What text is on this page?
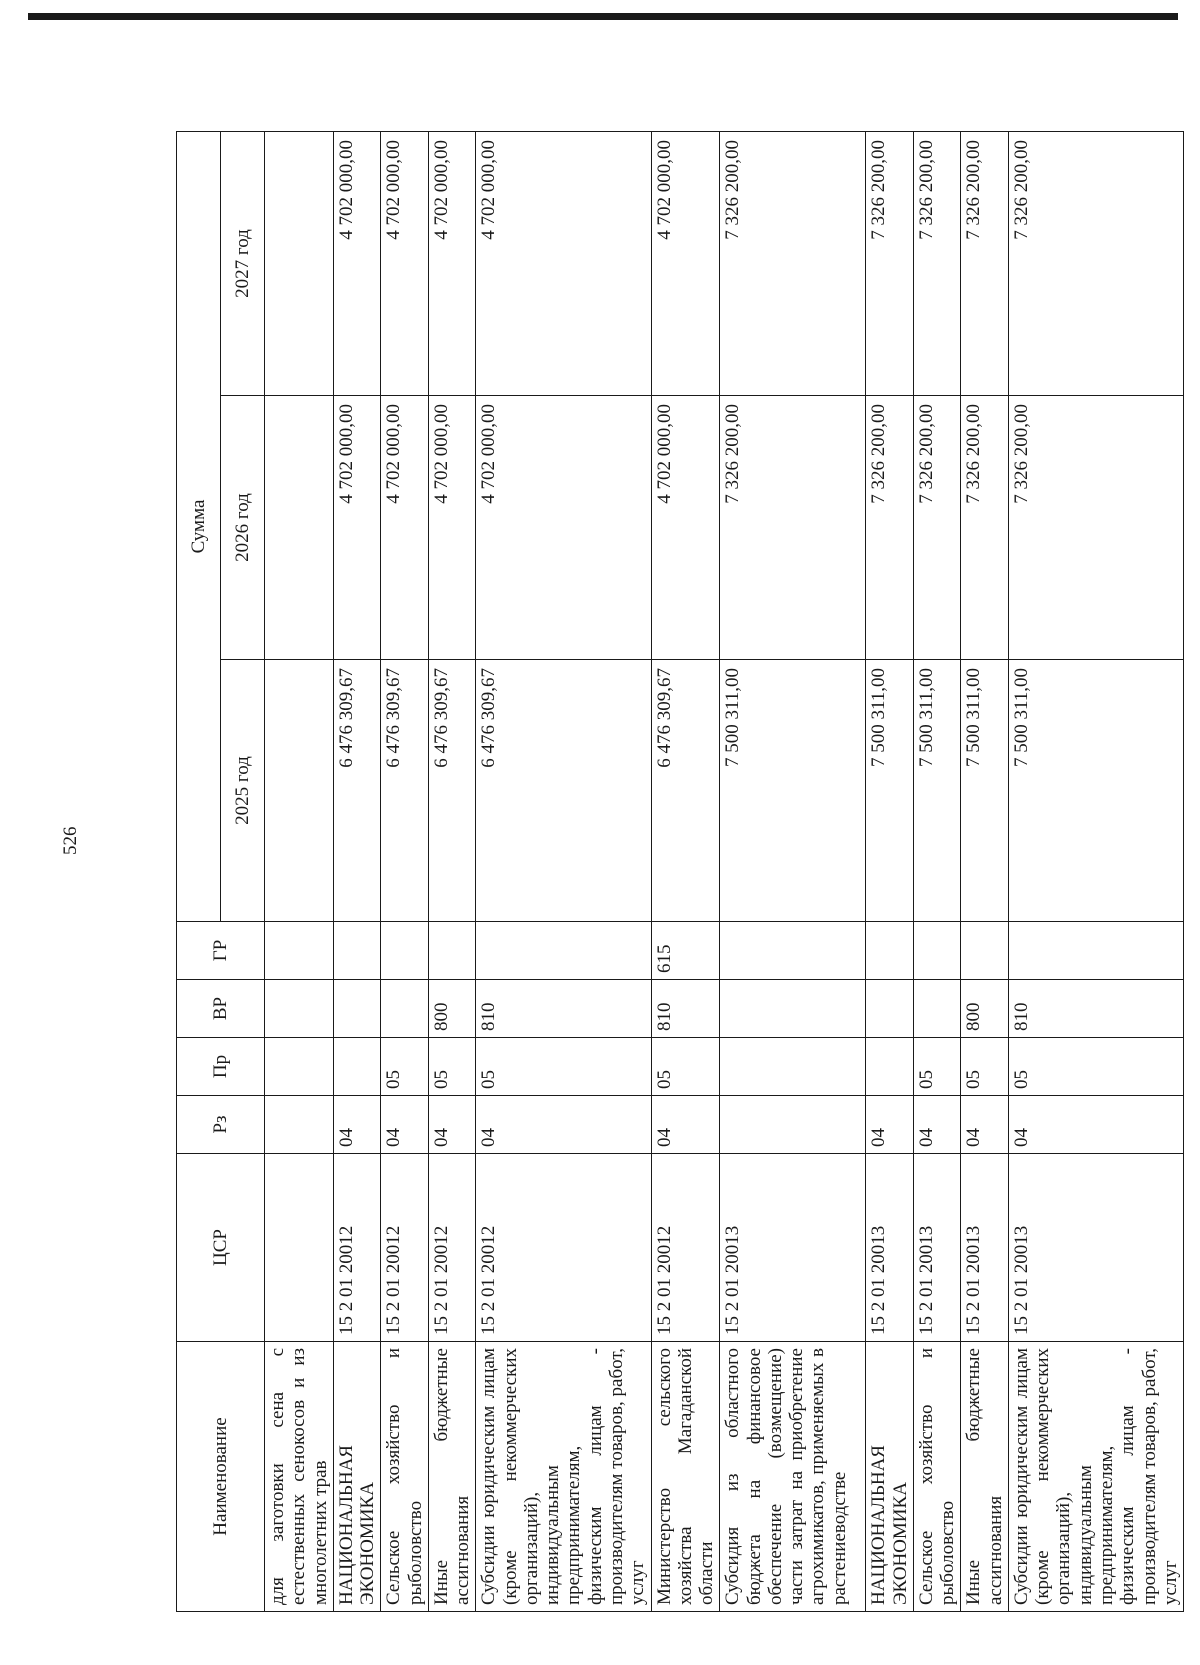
526
Наименование	ЦСР	Рз	Пр	ВР	ГР	Сумма		
						2025 год	2026 год	2027 год
для заготовки сена с естественных сенокосов и из многолетних трав								
НАЦИОНАЛЬНАЯ ЭКОНОМИКА	15 2 01 20012	04				6 476 309,67	4 702 000,00	4 702 000,00
Сельское хозяйство и рыболовство	15 2 01 20012	04	05			6 476 309,67	4 702 000,00	4 702 000,00
Иные бюджетные ассигнования	15 2 01 20012	04	05	800		6 476 309,67	4 702 000,00	4 702 000,00
Субсидии юридическим лицам (кроме некоммерческих организаций), индивидуальным предпринимателям, физическим лицам - производителям товаров, работ, услуг	15 2 01 20012	04	05	810		6 476 309,67	4 702 000,00	4 702 000,00
Министерство сельского хозяйства Магаданской области	15 2 01 20012	04	05	810	615	6 476 309,67	4 702 000,00	4 702 000,00
Субсидия из областного бюджета на финансовое обеспечение (возмещение) части затрат на приобретение агрохимикатов, применяемых в растениеводстве	15 2 01 20013					7 500 311,00	7 326 200,00	7 326 200,00
НАЦИОНАЛЬНАЯ ЭКОНОМИКА	15 2 01 20013	04				7 500 311,00	7 326 200,00	7 326 200,00
Сельское хозяйство и рыболовство	15 2 01 20013	04	05			7 500 311,00	7 326 200,00	7 326 200,00
Иные бюджетные ассигнования	15 2 01 20013	04	05	800		7 500 311,00	7 326 200,00	7 326 200,00
Субсидии юридическим лицам (кроме некоммерческих организаций), индивидуальным предпринимателям, физическим лицам - производителям товаров, работ, услуг	15 2 01 20013	04	05	810		7 500 311,00	7 326 200,00	7 326 200,00
